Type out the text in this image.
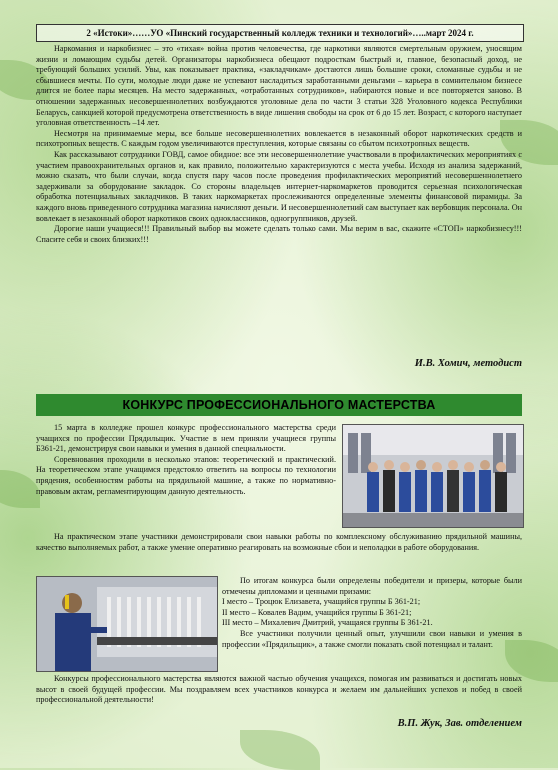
2 «Истоки»……УО «Пинский государственный колледж техники и технологий»…..март 2024 г.

Наркомания и наркобизнес – это «тихая» война против человечества, где наркотики являются смертельным оружием, уносящим жизни и ломающим судьбы детей. Организаторы наркобизнеса обещают подросткам быстрый и, главное, безопасный доход, не требующий больших усилий. Увы, как показывает практика, «закладчикам» достаются лишь большие сроки, сломанные судьбы и не сбывшиеся мечты. По сути, молодые люди даже не успевают насладиться заработанными деньгами – карьера в сомнительном бизнесе длится не более пары месяцев. На место задержанных, «отработанных сотрудников», набираются новые и все повторяется заново. В отношении задержанных несовершеннолетних возбуждаются уголовные дела по части 3 статьи 328 Уголовного кодекса Республики Беларусь, санкцией которой предусмотрена ответственность в виде лишения свободы на срок от 6 до 15 лет. Возраст, с которого наступает уголовная ответственность –14 лет.

Несмотря на принимаемые меры, все больше несовершеннолетних вовлекается в незаконный оборот наркотических средств и психотропных веществ. С каждым годом увеличиваются преступления, которые связаны со сбытом психотропных веществ.

Как рассказывают сотрудники ГОВД, самое обидное: все эти несовершеннолетние участвовали в профилактических мероприятиях с участием правоохранительных органов и, как правило, положительно характеризуются с места учебы. Исходя из анализа задержаний, можно сказать, что были случаи, когда спустя пару часов после проведения профилактических мероприятий несовершеннолетнего задерживали за оборудование закладок. Со стороны владельцев интернет-наркомаркетов проводится серьезная психологическая обработка потенциальных закладчиков. В таких наркомаркетах прослеживаются определенные элементы финансовой пирамиды. За каждого вновь приведенного сотрудника магазина начисляют деньги. И несовершеннолетний сам выступает как вербовщик персонала. Он вовлекает в незаконный оборот наркотиков своих одноклассников, одногруппников, друзей.

Дорогие наши учащиеся!!! Правильный выбор вы можете сделать только сами. Мы верим в вас, скажите «СТОП» наркобизнесу!!! Спасите себя и своих близких!!!

И.В. Хомич, методист
КОНКУРС ПРОФЕССИОНАЛЬНОГО МАСТЕРСТВА

15 марта в колледже прошел конкурс профессионального мастерства среди учащихся по профессии Прядильщик. Участие в нем приняли учащиеся группы Б361-21, демонстрируя свои навыки и умения в данной специальности.

Соревнования проходили в несколько этапов: теоретический и практический. На теоретическом этапе учащимся предстояло ответить на вопросы по технологии прядения, особенностям работы на прядильной машине, а также по нормативно-правовым актам, регламентирующим данную деятельность.

На практическом этапе участники демонстрировали свои навыки работы по комплексному обслуживанию прядильной машины, качество выполняемых работ, а также умение оперативно реагировать на возможные сбои и неполадки в работе оборудования.

По итогам конкурса были определены победители и призеры, которые были отмечены дипломами и ценными призами:

I место – Троцюк Елизавета, учащийся группы Б 361-21;

II место – Ковалев Вадим, учащийся группы Б 361-21;

III место – Михалевич Дмитрий, учащаяся группы Б 361-21.

Все участники получили ценный опыт, улучшили свои навыки и умения в профессии «Прядильщик», а также смогли показать свой потенциал и талант.

Конкурсы профессионального мастерства являются важной частью обучения учащихся, помогая им развиваться и достигать новых высот в своей будущей профессии. Мы поздравляем всех участников конкурса и желаем им дальнейших успехов и побед в своей профессиональной деятельности!

В.П. Жук, Зав. отделением
